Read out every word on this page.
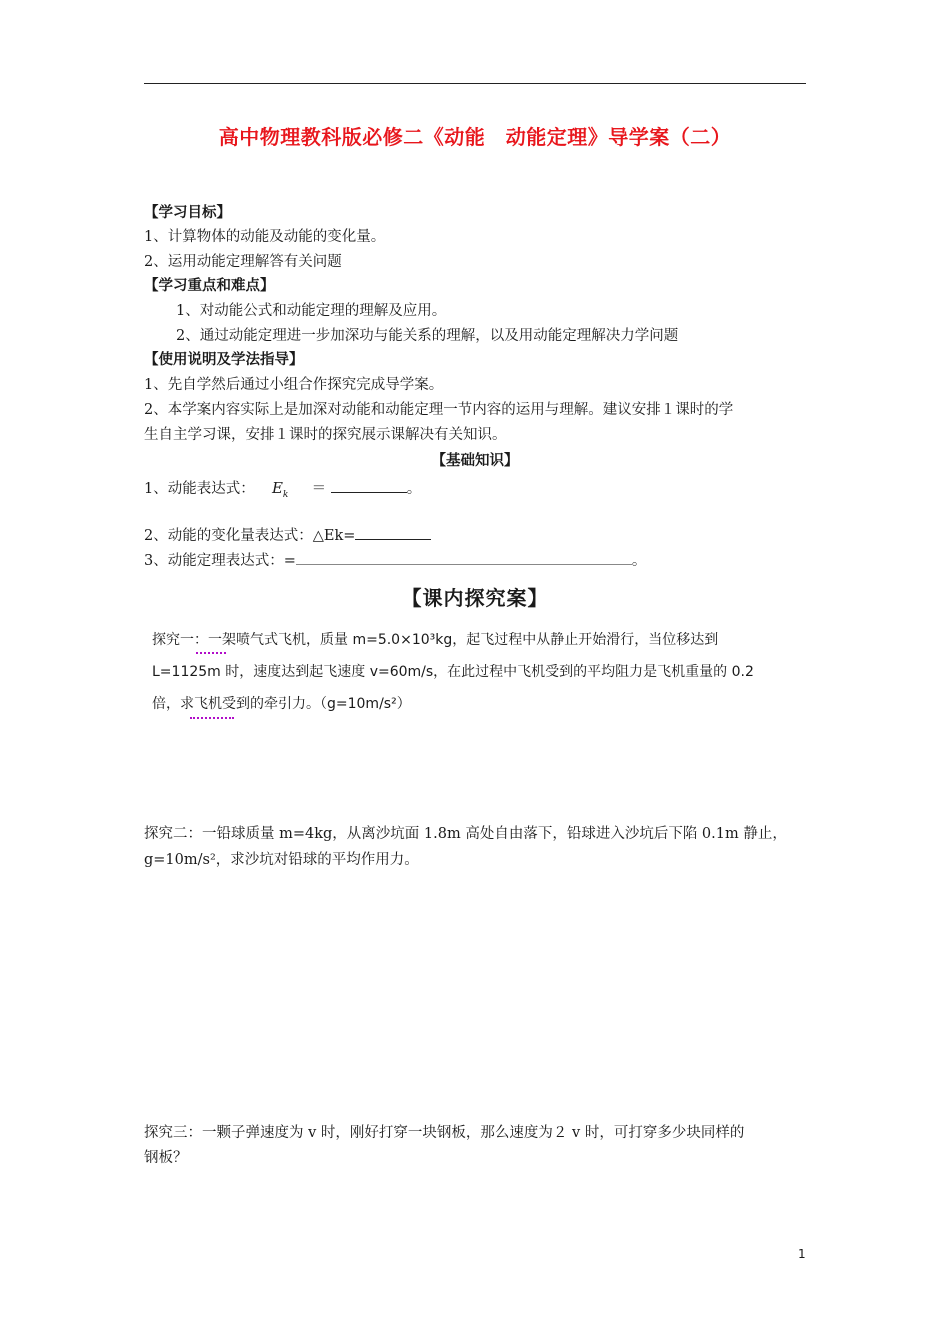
高中物理教科版必修二《动能　动能定理》导学案（二）
【学习目标】
1、计算物体的动能及动能的变化量。
2、运用动能定理解答有关问题
【学习重点和难点】
1、对动能公式和动能定理的理解及应用。
2、通过动能定理进一步加深功与能关系的理解，以及用动能定理解决力学问题
【使用说明及学法指导】
1、先自学然后通过小组合作探究完成导学案。
2、本学案内容实际上是加深对动能和动能定理一节内容的运用与理解。建议安排１课时的学
生自主学习课，安排１课时的探究展示课解决有关知识。
【基础知识】
1、动能表达式： $E_k$ ＝	。
2、动能的变化量表达式：△Ek=
3、动能定理表达式：=	。
【课内探究案】
探究一：一架喷气式飞机，质量 m=5.0×10³kg，起飞过程中从静止开始滑行，当位移达到
L=1125m 时，速度达到起飞速度 v=60m/s，在此过程中飞机受到的平均阻力是飞机重量的 0.2
倍，求飞机受到的牵引力。（g=10m/s²）
探究二：一铅球质量 m=4kg，从离沙坑面 1.8m 高处自由落下，铅球进入沙坑后下陷 0.1m 静止，
g=10m/s²，求沙坑对铅球的平均作用力。
探究三：一颗子弹速度为 v 时，刚好打穿一块钢板，那么速度为２ v 时，可打穿多少块同样的
钢板？
1
